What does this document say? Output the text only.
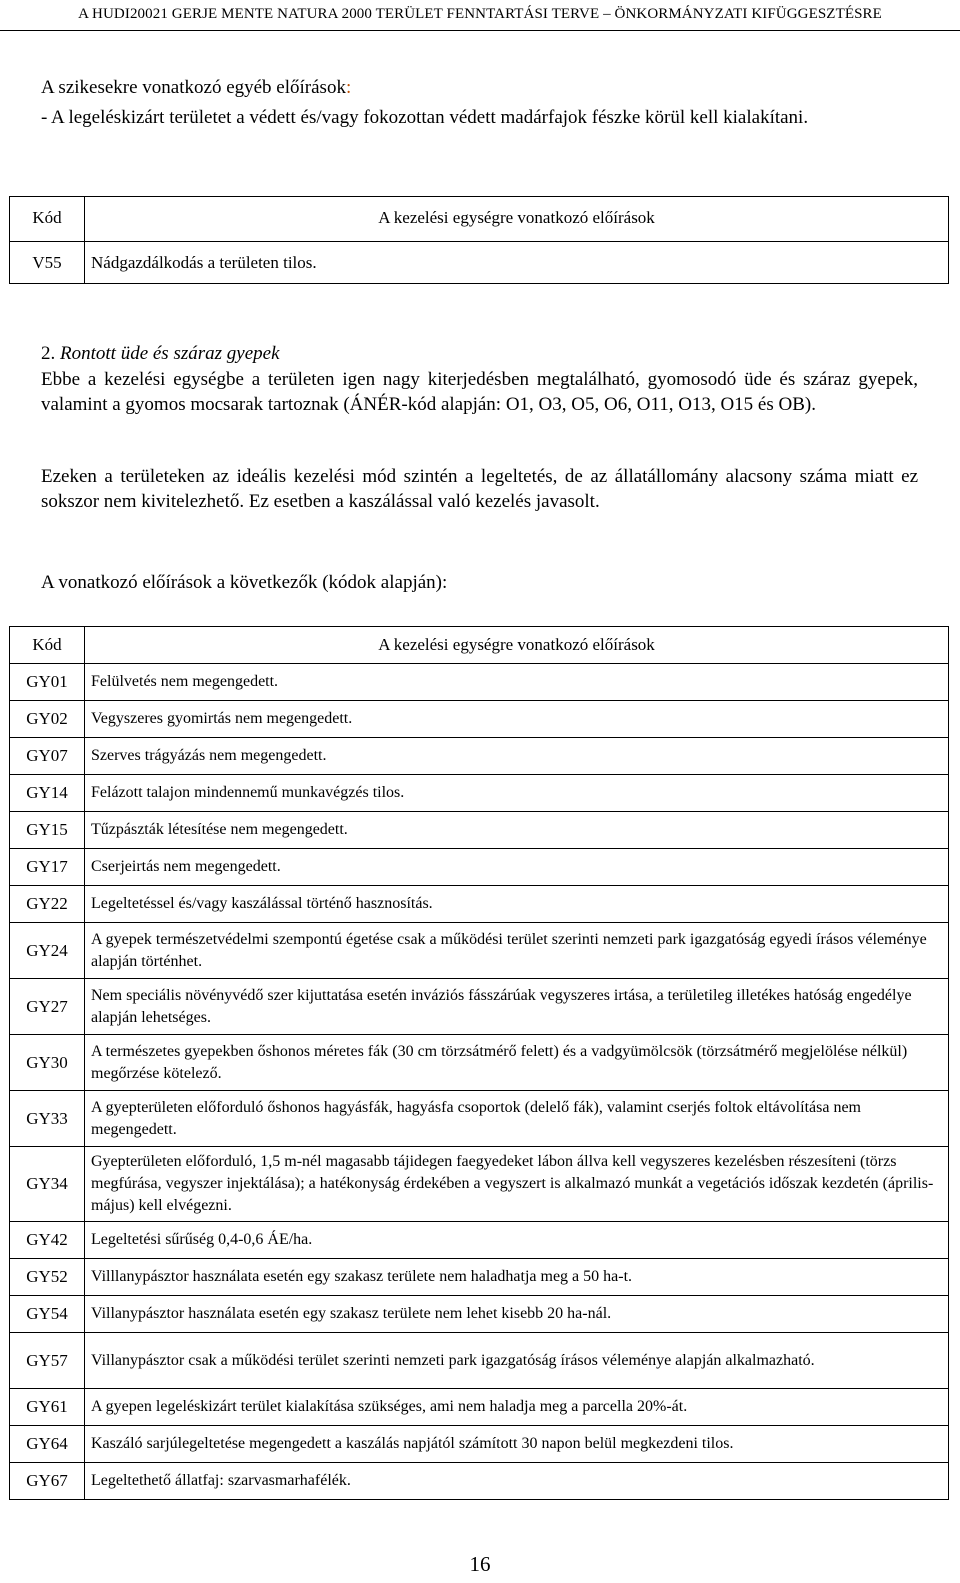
A HUDI20021 GERJE MENTE NATURA 2000 TERÜLET FENNTARTÁSI TERVE – ÖNKORMÁNYZATI KIFÜGGESZTÉSRE

A szikesekre vonatkozó egyéb előírások:

- A legeléskizárt területet a védett és/vagy fokozottan védett madárfajok fészke körül kell kialakítani.

Kód	A kezelési egységre vonatkozó előírások
V55	Nádgazdálkodás a területen tilos.

2. Rontott üde és száraz gyepek

Ebbe a kezelési egységbe a területen igen nagy kiterjedésben megtalálható, gyomosodó üde és száraz gyepek, valamint a gyomos mocsarak tartoznak (ÁNÉR-kód alapján: O1, O3, O5, O6, O11, O13, O15 és OB).

Ezeken a területeken az ideális kezelési mód szintén a legeltetés, de az állatállomány alacsony száma miatt ez sokszor nem kivitelezhető. Ez esetben a kaszálással való kezelés javasolt.

A vonatkozó előírások a következők (kódok alapján):

Kód	A kezelési egységre vonatkozó előírások
GY01	Felülvetés nem megengedett.
GY02	Vegyszeres gyomirtás nem megengedett.
GY07	Szerves trágyázás nem megengedett.
GY14	Felázott talajon mindennemű munkavégzés tilos.
GY15	Tűzpászták létesítése nem megengedett.
GY17	Cserjeirtás nem megengedett.
GY22	Legeltetéssel és/vagy kaszálással történő hasznosítás.
GY24	A gyepek természetvédelmi szempontú égetése csak a működési terület szerinti nemzeti park igazgatóság egyedi írásos véleménye alapján történhet.
GY27	Nem speciális növényvédő szer kijuttatása esetén inváziós fásszárúak vegyszeres irtása, a területileg illetékes hatóság engedélye alapján lehetséges.
GY30	A természetes gyepekben őshonos méretes fák (30 cm törzsátmérő felett) és a vadgyümölcsök (törzsátmérő megjelölése nélkül) megőrzése kötelező.
GY33	A gyepterületen előforduló őshonos hagyásfák, hagyásfa csoportok (delelő fák), valamint cserjés foltok eltávolítása nem megengedett.
GY34	Gyepterületen előforduló, 1,5 m-nél magasabb tájidegen faegyedeket lábon állva kell vegyszeres kezelésben részesíteni (törzs megfúrása, vegyszer injektálása); a hatékonyság érdekében a vegyszert is alkalmazó munkát a vegetációs időszak kezdetén (április-május) kell elvégezni.
GY42	Legeltetési sűrűség 0,4-0,6 ÁE/ha.
GY52	Villlanypásztor használata esetén egy szakasz területe nem haladhatja meg a 50 ha-t.
GY54	Villanypásztor használata esetén egy szakasz területe nem lehet kisebb 20 ha-nál.
GY57	Villanypásztor csak a működési terület szerinti nemzeti park igazgatóság írásos véleménye alapján alkalmazható.
GY61	A gyepen legeléskizárt terület kialakítása szükséges, ami nem haladja meg a parcella 20%-át.
GY64	Kaszáló sarjúlegeltetése megengedett a kaszálás napjától számított 30 napon belül megkezdeni tilos.
GY67	Legeltethető állatfaj: szarvasmarhafélék.
16
